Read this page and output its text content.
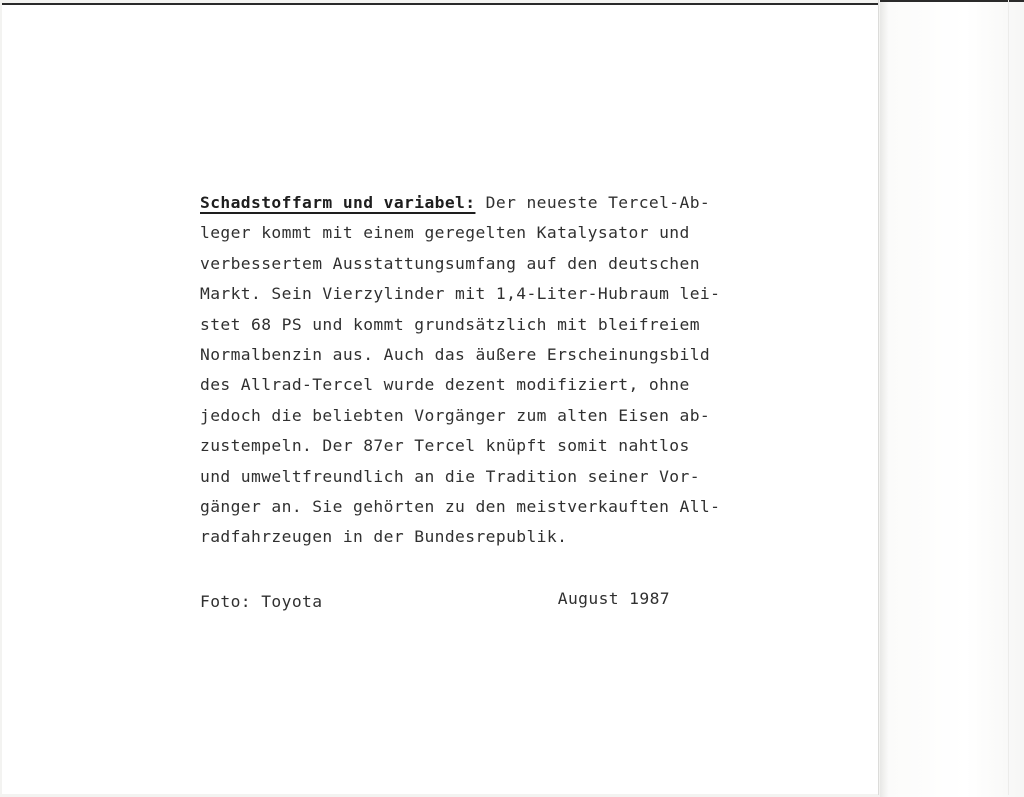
Schadstoffarm und variabel: Der neueste Tercel-Ab-
leger kommt mit einem geregelten Katalysator und
verbessertem Ausstattungsumfang auf den deutschen
Markt. Sein Vierzylinder mit 1,4-Liter-Hubraum lei-
stet 68 PS und kommt grundsätzlich mit bleifreiem
Normalbenzin aus. Auch das äußere Erscheinungsbild
des Allrad-Tercel wurde dezent modifiziert, ohne
jedoch die beliebten Vorgänger zum alten Eisen ab-
zustempeln. Der 87er Tercel knüpft somit nahtlos
und umweltfreundlich an die Tradition seiner Vor-
gänger an. Sie gehörten zu den meistverkauften All-
radfahrzeugen in der Bundesrepublik.
Foto: Toyota	August 1987
